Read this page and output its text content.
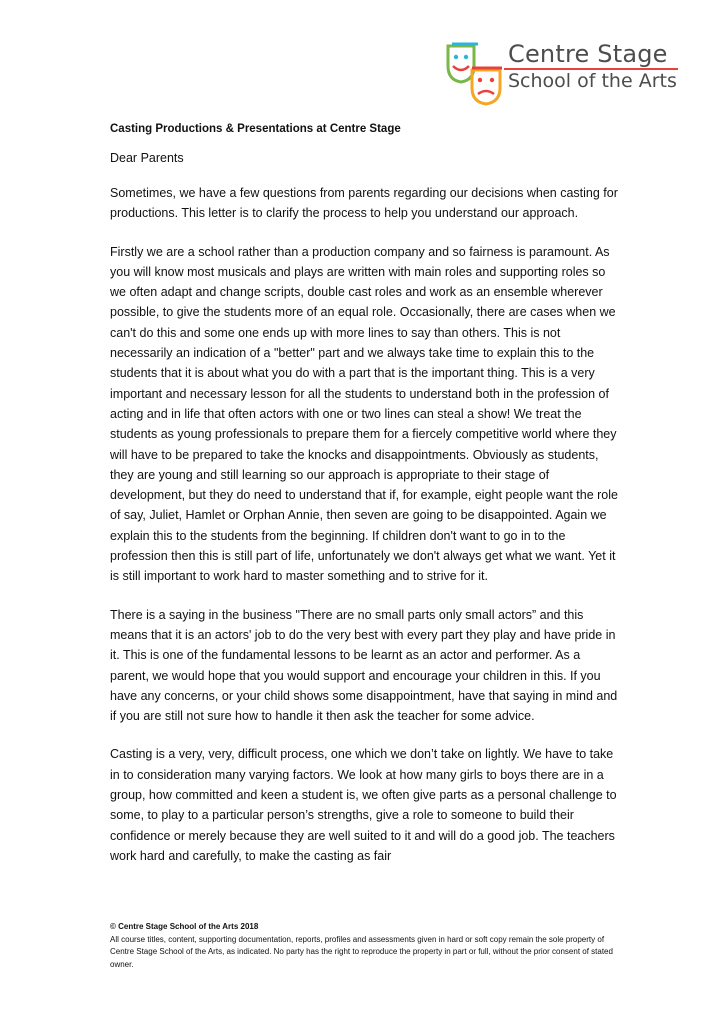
Centre Stage
School of the Arts

Casting Productions & Presentations at Centre Stage

Dear Parents

Sometimes, we have a few questions from parents regarding our decisions when casting for productions. This letter is to clarify the process to help you understand our approach.

Firstly we are a school rather than a production company and so fairness is paramount. As you will know most musicals and plays are written with main roles and supporting roles so we often adapt and change scripts, double cast roles and work as an ensemble wherever possible, to give the students more of an equal role. Occasionally, there are cases when we can't do this and some one ends up with more lines to say than others. This is not necessarily an indication of a "better" part and we always take time to explain this to the students that it is about what you do with a part that is the important thing. This is a very important and necessary lesson for all the students to understand both in the profession of acting and in life that often actors with one or two lines can steal a show! We treat the students as young professionals to prepare them for a fiercely competitive world where they will have to be prepared to take the knocks and disappointments. Obviously as students, they are young and still learning so our approach is appropriate to their stage of development, but they do need to understand that if, for example, eight people want the role of say, Juliet, Hamlet or Orphan Annie, then seven are going to be disappointed. Again we explain this to the students from the beginning. If children don't want to go in to the profession then this is still part of life, unfortunately we don't always get what we want. Yet it is still important to work hard to master something and to strive for it.

There is a saying in the business "There are no small parts only small actors” and this means that it is an actors' job to do the very best with every part they play and have pride in it. This is one of the fundamental lessons to be learnt as an actor and performer. As a parent, we would hope that you would support and encourage your children in this. If you have any concerns, or your child shows some disappointment, have that saying in mind and if you are still not sure how to handle it then ask the teacher for some advice.

Casting is a very, very, difficult process, one which we don’t take on lightly. We have to take in to consideration many varying factors. We look at how many girls to boys there are in a group, how committed and keen a student is, we often give parts as a personal challenge to some, to play to a particular person’s strengths, give a role to someone to build their confidence or merely because they are well suited to it and will do a good job. The teachers work hard and carefully, to make the casting as fair

© Centre Stage School of the Arts 2018
All course titles, content, supporting documentation, reports, profiles and assessments given in hard or soft copy remain the sole property of Centre Stage School of the Arts, as indicated. No party has the right to reproduce the property in part or full, without the prior consent of stated owner.
